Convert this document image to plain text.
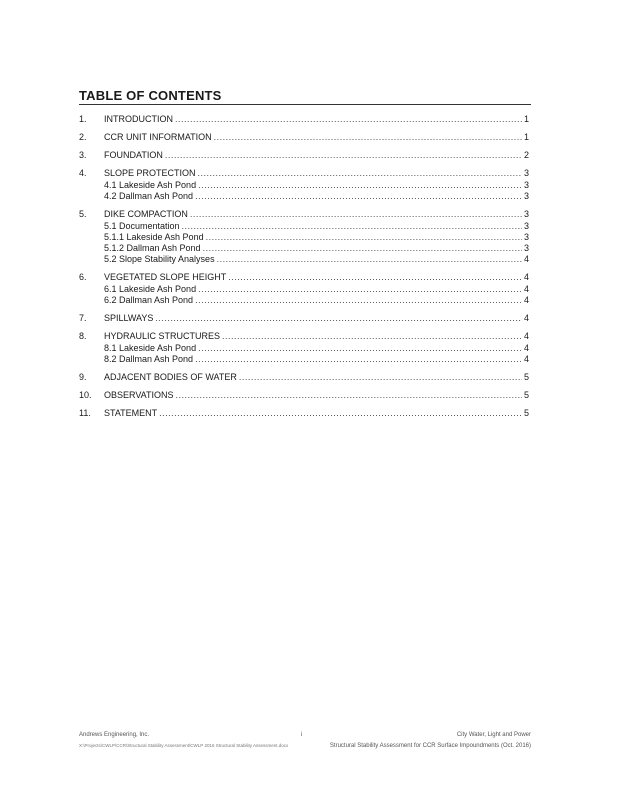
TABLE OF CONTENTS
1.	INTRODUCTION .....	1
2.	CCR UNIT INFORMATION .....	1
3.	FOUNDATION .....	2
4.	SLOPE PROTECTION .....	3
4.1 Lakeside Ash Pond .....	3
4.2 Dallman Ash Pond .....	3
5.	DIKE COMPACTION .....	3
5.1 Documentation .....	3
5.1.1 Lakeside Ash Pond .....	3
5.1.2 Dallman Ash Pond .....	3
5.2 Slope Stability Analyses .....	4
6.	VEGETATED SLOPE HEIGHT .....	4
6.1 Lakeside Ash Pond .....	4
6.2 Dallman Ash Pond .....	4
7.	SPILLWAYS .....	4
8.	HYDRAULIC STRUCTURES .....	4
8.1 Lakeside Ash Pond .....	4
8.2 Dallman Ash Pond .....	4
9.	ADJACENT BODIES OF WATER .....	5
10.	OBSERVATIONS .....	5
11.	STATEMENT .....	5
Andrews Engineering, Inc.
X:\Projects\CWLP\CCR\Structural Stability Assessment\CWLP 2016 Structural Stability Assessment.docx
i	City Water, Light and Power
Structural Stability Assessment for CCR Surface Impoundments (Oct. 2016)
